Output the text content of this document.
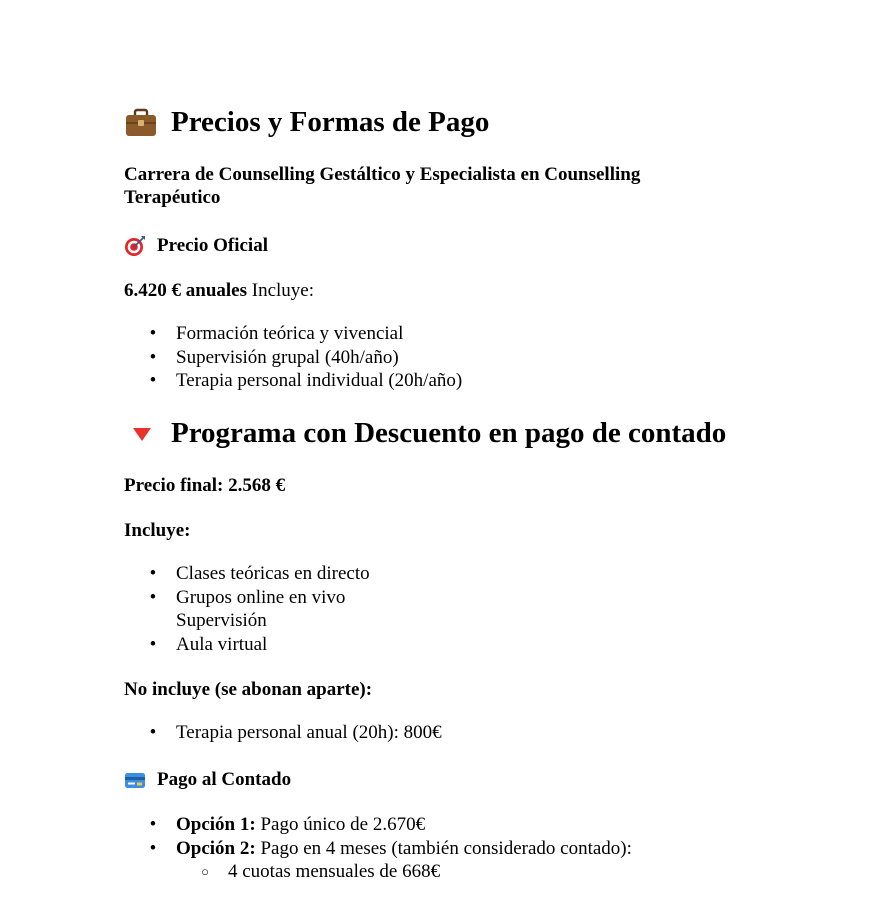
Precios y Formas de Pago
Carrera de Counselling Gestáltico y Especialista en Counselling Terapéutico
Precio Oficial
6.420 € anuales Incluye:
• Formación teórica y vivencial
• Supervisión grupal (40h/año)
• Terapia personal individual (20h/año)
Programa con Descuento en pago de contado
Precio final: 2.568 €
Incluye:
• Clases teóricas en directo
• Grupos online en vivo
Supervisión
• Aula virtual
No incluye (se abonan aparte):
• Terapia personal anual (20h): 800€
Pago al Contado
• Opción 1: Pago único de 2.670€
• Opción 2: Pago en 4 meses (también considerado contado):
○ 4 cuotas mensuales de 668€
